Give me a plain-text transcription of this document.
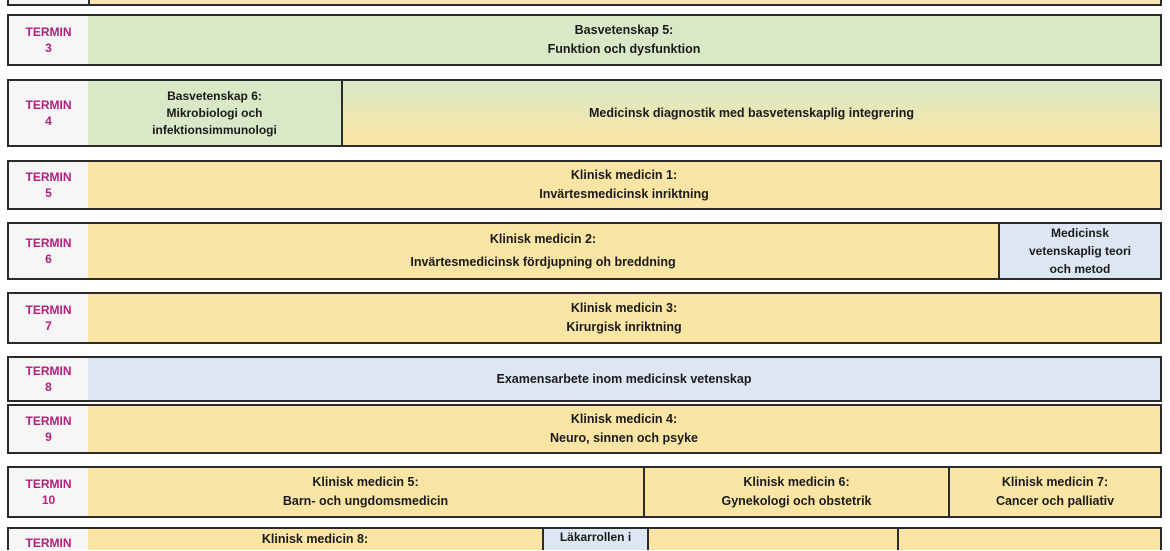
TERMIN
3
Basvetenskap 5:
Funktion och dysfunktion
TERMIN
4
Basvetenskap 6:
Mikrobiologi och
infektionsimmunologi
Medicinsk diagnostik med basvetenskaplig integrering
TERMIN
5
Klinisk medicin 1:
Invärtesmedicinsk inriktning
TERMIN
6
Klinisk medicin 2:
Invärtesmedicinsk fördjupning oh breddning
Medicinsk
vetenskaplig teori
och metod
TERMIN
7
Klinisk medicin 3:
Kirurgisk inriktning
TERMIN
8
Examensarbete inom medicinsk vetenskap
TERMIN
9
Klinisk medicin 4:
Neuro, sinnen och psyke
TERMIN
10
Klinisk medicin 5:
Barn- och ungdomsmedicin
Klinisk medicin 6:
Gynekologi och obstetrik
Klinisk medicin 7:
Cancer och palliativ
TERMIN	Klinisk medicin 8:	Läkarrollen i
